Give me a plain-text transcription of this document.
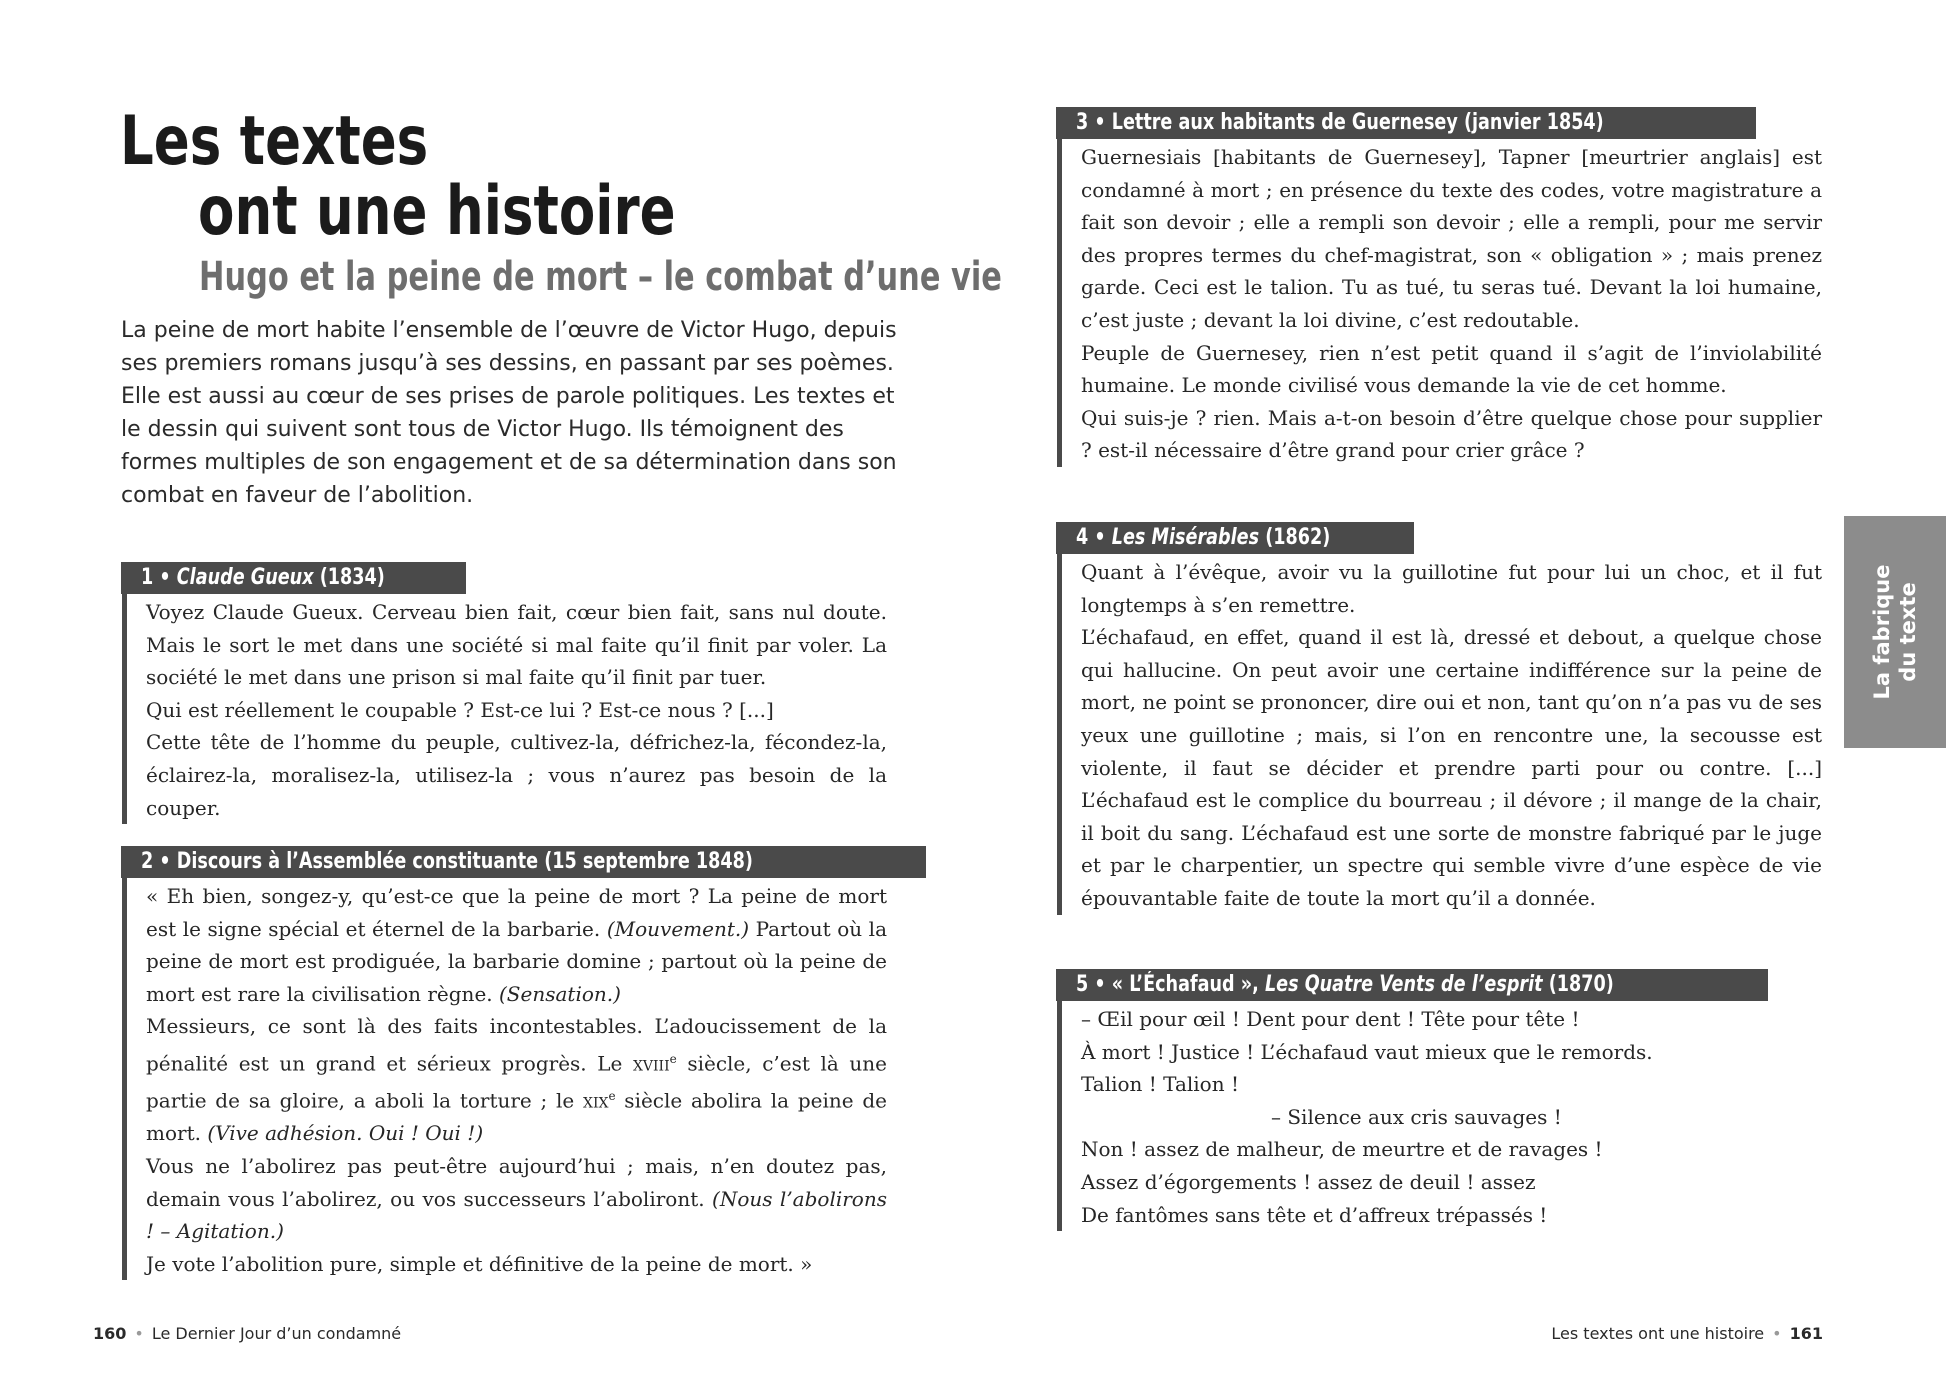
Les textes
ont une histoire
Hugo et la peine de mort – le combat d’une vie

La peine de mort habite l’ensemble de l’œuvre de Victor Hugo, depuis ses premiers romans jusqu’à ses dessins, en passant par ses poèmes. Elle est aussi au cœur de ses prises de parole politiques. Les textes et le dessin qui suivent sont tous de Victor Hugo. Ils témoignent des formes multiples de son engagement et de sa détermination dans son combat en faveur de l’abolition.

1 • Claude Gueux (1834)

Voyez Claude Gueux. Cerveau bien fait, cœur bien fait, sans nul doute. Mais le sort le met dans une société si mal faite qu’il finit par voler. La société le met dans une prison si mal faite qu’il finit par tuer.

Qui est réellement le coupable ? Est-ce lui ? Est-ce nous ? [...]

Cette tête de l’homme du peuple, cultivez-la, défrichez-la, fécondez-la, éclairez-la, moralisez-la, utilisez-la ; vous n’aurez pas besoin de la couper.

2 • Discours à l’Assemblée constituante (15 septembre 1848)

« Eh bien, songez-y, qu’est-ce que la peine de mort ? La peine de mort est le signe spécial et éternel de la barbarie. (Mouvement.) Partout où la peine de mort est prodiguée, la barbarie domine ; partout où la peine de mort est rare la civilisation règne. (Sensation.)

Messieurs, ce sont là des faits incontestables. L’adoucissement de la pénalité est un grand et sérieux progrès. Le xviii$^e$ siècle, c’est là une partie de sa gloire, a aboli la torture ; le xix$^e$ siècle abolira la peine de mort. (Vive adhésion. Oui ! Oui !)

Vous ne l’abolirez pas peut-être aujourd’hui ; mais, n’en doutez pas, demain vous l’abolirez, ou vos successeurs l’aboliront. (Nous l’abolirons ! – Agitation.)

Je vote l’abolition pure, simple et définitive de la peine de mort. »

160 • Le Dernier Jour d’un condamné
3 • Lettre aux habitants de Guernesey (janvier 1854)

Guernesiais [habitants de Guernesey], Tapner [meurtrier anglais] est condamné à mort ; en présence du texte des codes, votre magistrature a fait son devoir ; elle a rempli son devoir ; elle a rempli, pour me servir des propres termes du chef-magistrat, son « obligation » ; mais prenez garde. Ceci est le talion. Tu as tué, tu seras tué. Devant la loi humaine, c’est juste ; devant la loi divine, c’est redoutable.

Peuple de Guernesey, rien n’est petit quand il s’agit de l’inviolabilité humaine. Le monde civilisé vous demande la vie de cet homme.

Qui suis-je ? rien. Mais a-t-on besoin d’être quelque chose pour supplier ? est-il nécessaire d’être grand pour crier grâce ?

4 • Les Misérables (1862)

Quant à l’évêque, avoir vu la guillotine fut pour lui un choc, et il fut longtemps à s’en remettre.

L’échafaud, en effet, quand il est là, dressé et debout, a quelque chose qui hallucine. On peut avoir une certaine indifférence sur la peine de mort, ne point se prononcer, dire oui et non, tant qu’on n’a pas vu de ses yeux une guillotine ; mais, si l’on en rencontre une, la secousse est violente, il faut se décider et prendre parti pour ou contre. [...] L’échafaud est le complice du bourreau ; il dévore ; il mange de la chair, il boit du sang. L’échafaud est une sorte de monstre fabriqué par le juge et par le charpentier, un spectre qui semble vivre d’une espèce de vie épouvantable faite de toute la mort qu’il a donnée.

5 • « L’Échafaud », Les Quatre Vents de l’esprit (1870)

– Œil pour œil ! Dent pour dent ! Tête pour tête !

À mort ! Justice ! L’échafaud vaut mieux que le remords.

Talion ! Talion !

– Silence aux cris sauvages !

Non ! assez de malheur, de meurtre et de ravages !

Assez d’égorgements ! assez de deuil ! assez

De fantômes sans tête et d’affreux trépassés !

La fabrique du texte
Les textes ont une histoire • 161
